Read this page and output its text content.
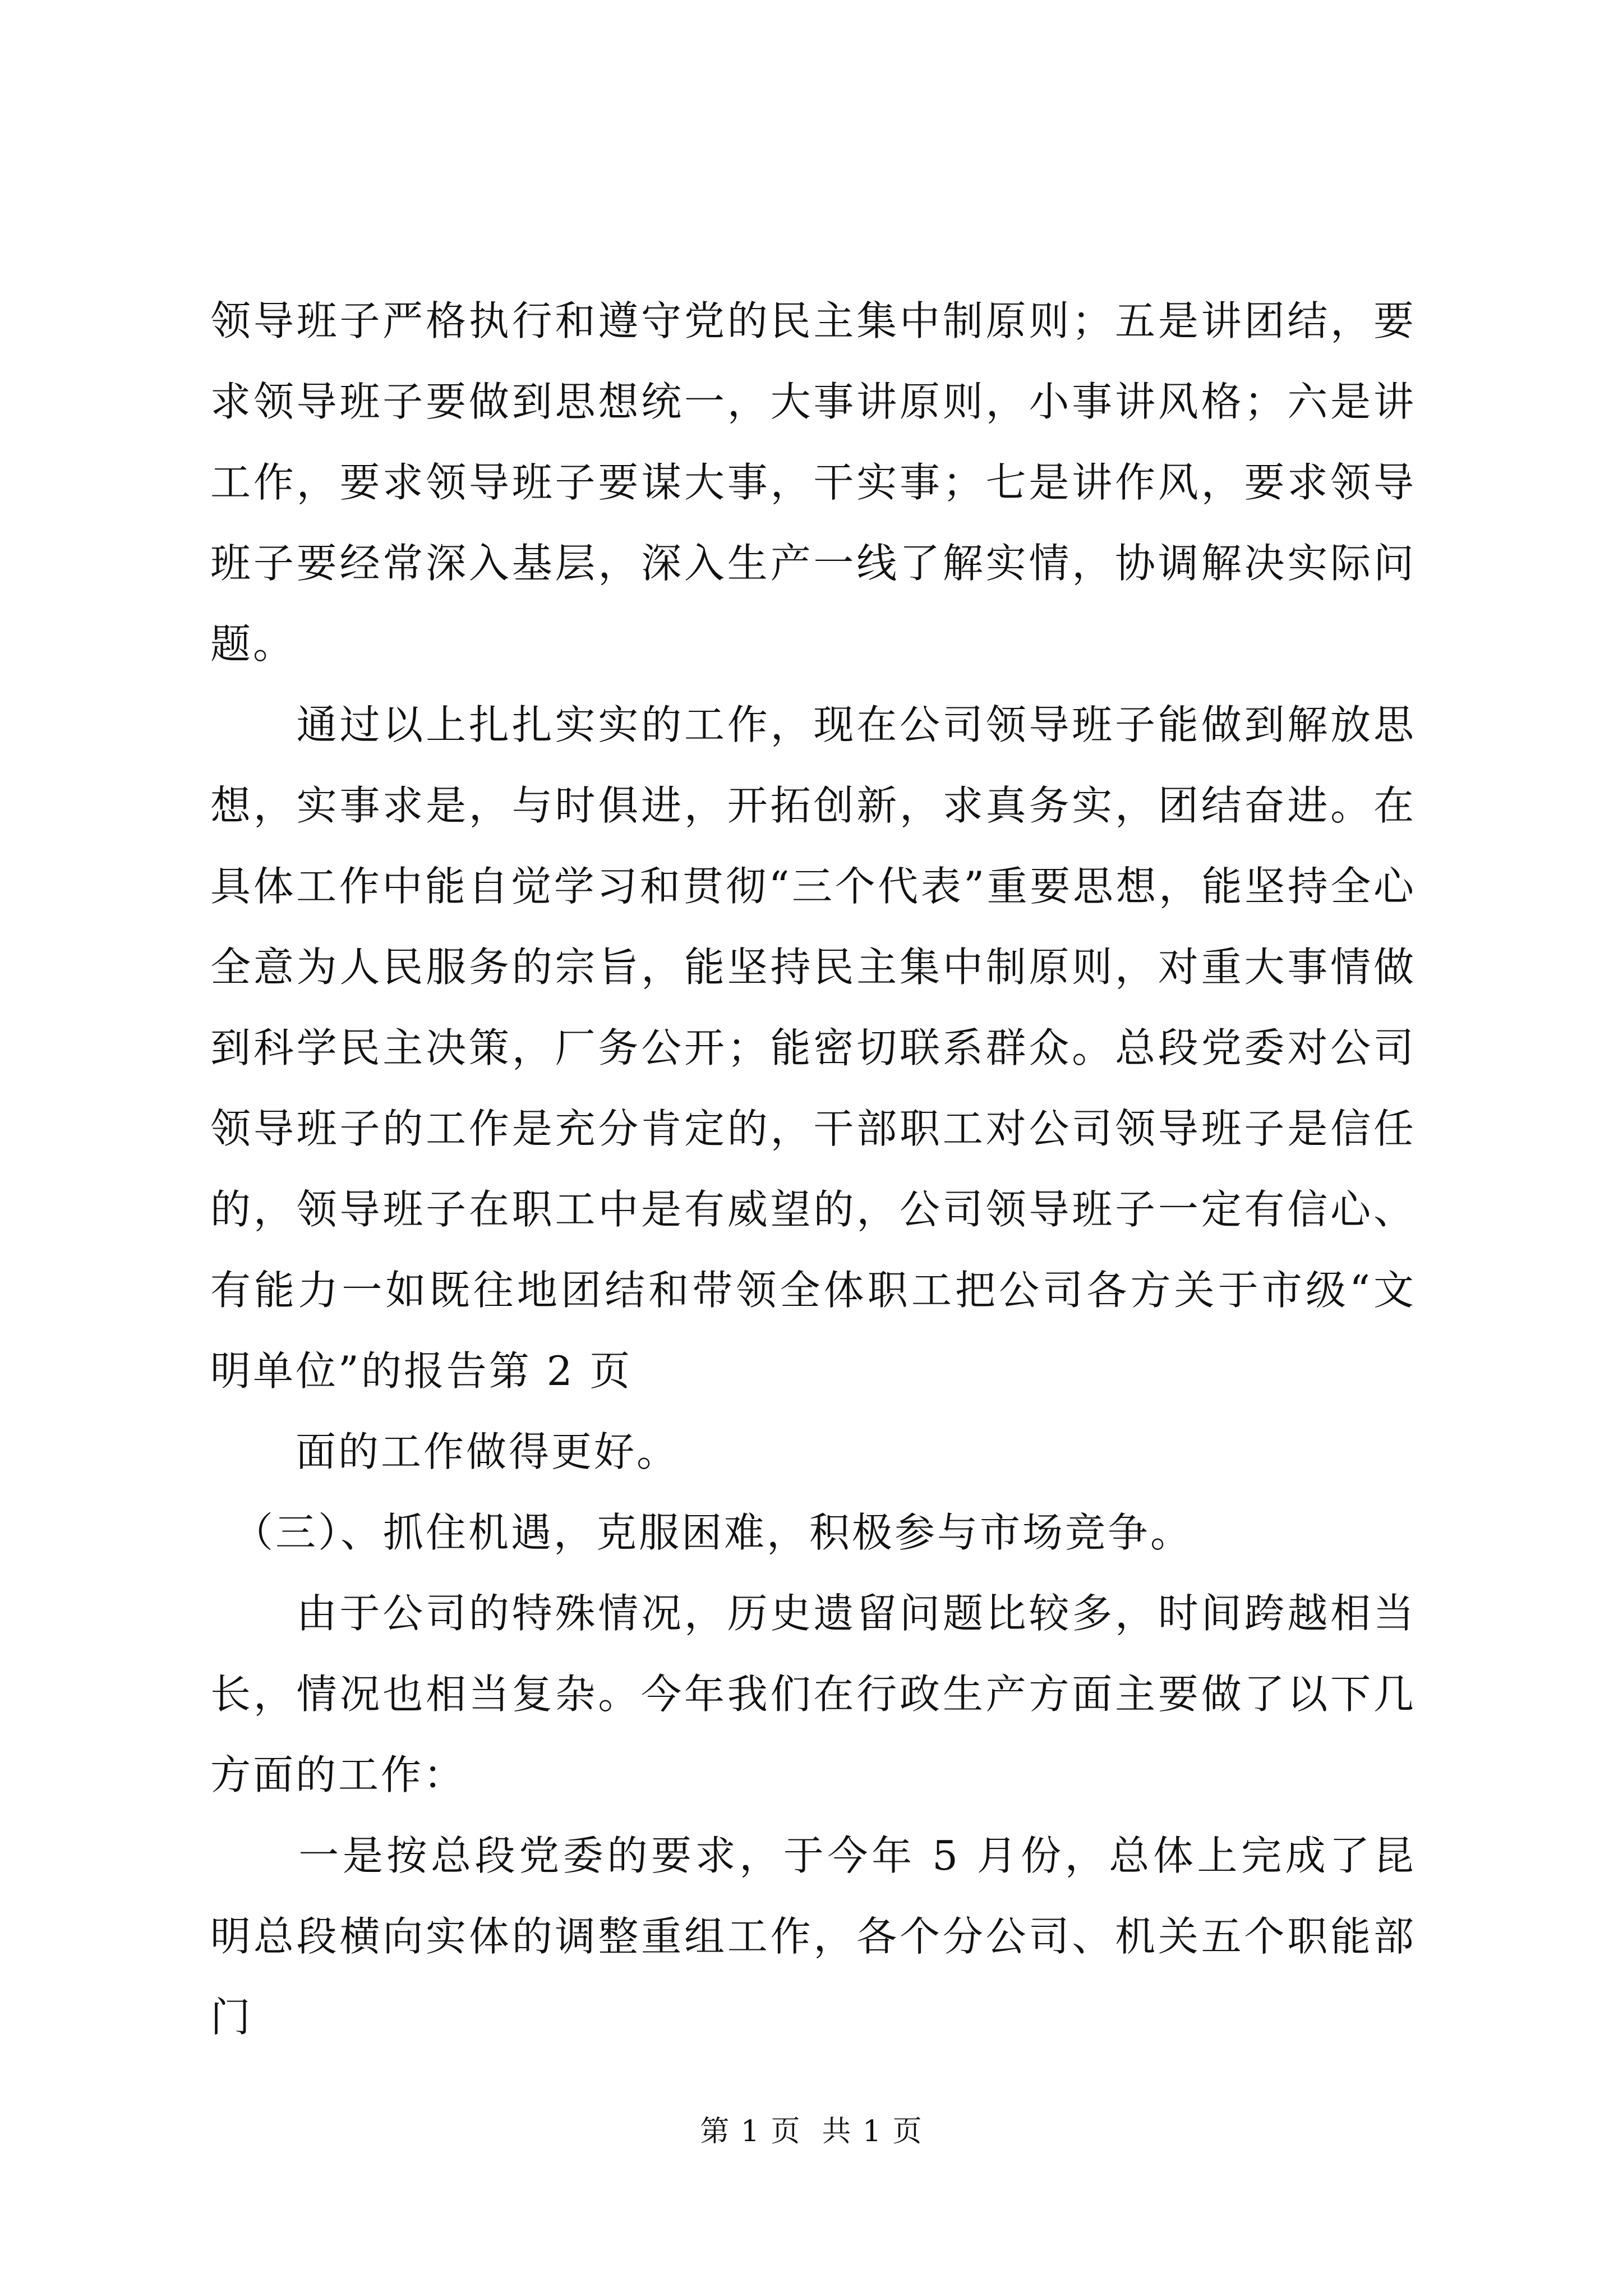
领导班子严格执行和遵守党的民主集中制原则；五是讲团结，要求领导班子要做到思想统一，大事讲原则，小事讲风格；六是讲工作，要求领导班子要谋大事，干实事；七是讲作风，要求领导班子要经常深入基层，深入生产一线了解实情，协调解决实际问题。

　　通过以上扎扎实实的工作，现在公司领导班子能做到解放思想，实事求是，与时俱进，开拓创新，求真务实，团结奋进。在具体工作中能自觉学习和贯彻“三个代表”重要思想，能坚持全心全意为人民服务的宗旨，能坚持民主集中制原则，对重大事情做到科学民主决策，厂务公开；能密切联系群众。总段党委对公司领导班子的工作是充分肯定的，干部职工对公司领导班子是信任的，领导班子在职工中是有威望的，公司领导班子一定有信心、有能力一如既往地团结和带领全体职工把公司各方关于市级“文明单位”的报告第 2 页

　　面的工作做得更好。

　（三）、抓住机遇，克服困难，积极参与市场竞争。

　　由于公司的特殊情况，历史遗留问题比较多，时间跨越相当长，情况也相当复杂。今年我们在行政生产方面主要做了以下几方面的工作：

　　一是按总段党委的要求，于今年 5 月份，总体上完成了昆明总段横向实体的调整重组工作，各个分公司、机关五个职能部门

第 1 页  共 1 页
